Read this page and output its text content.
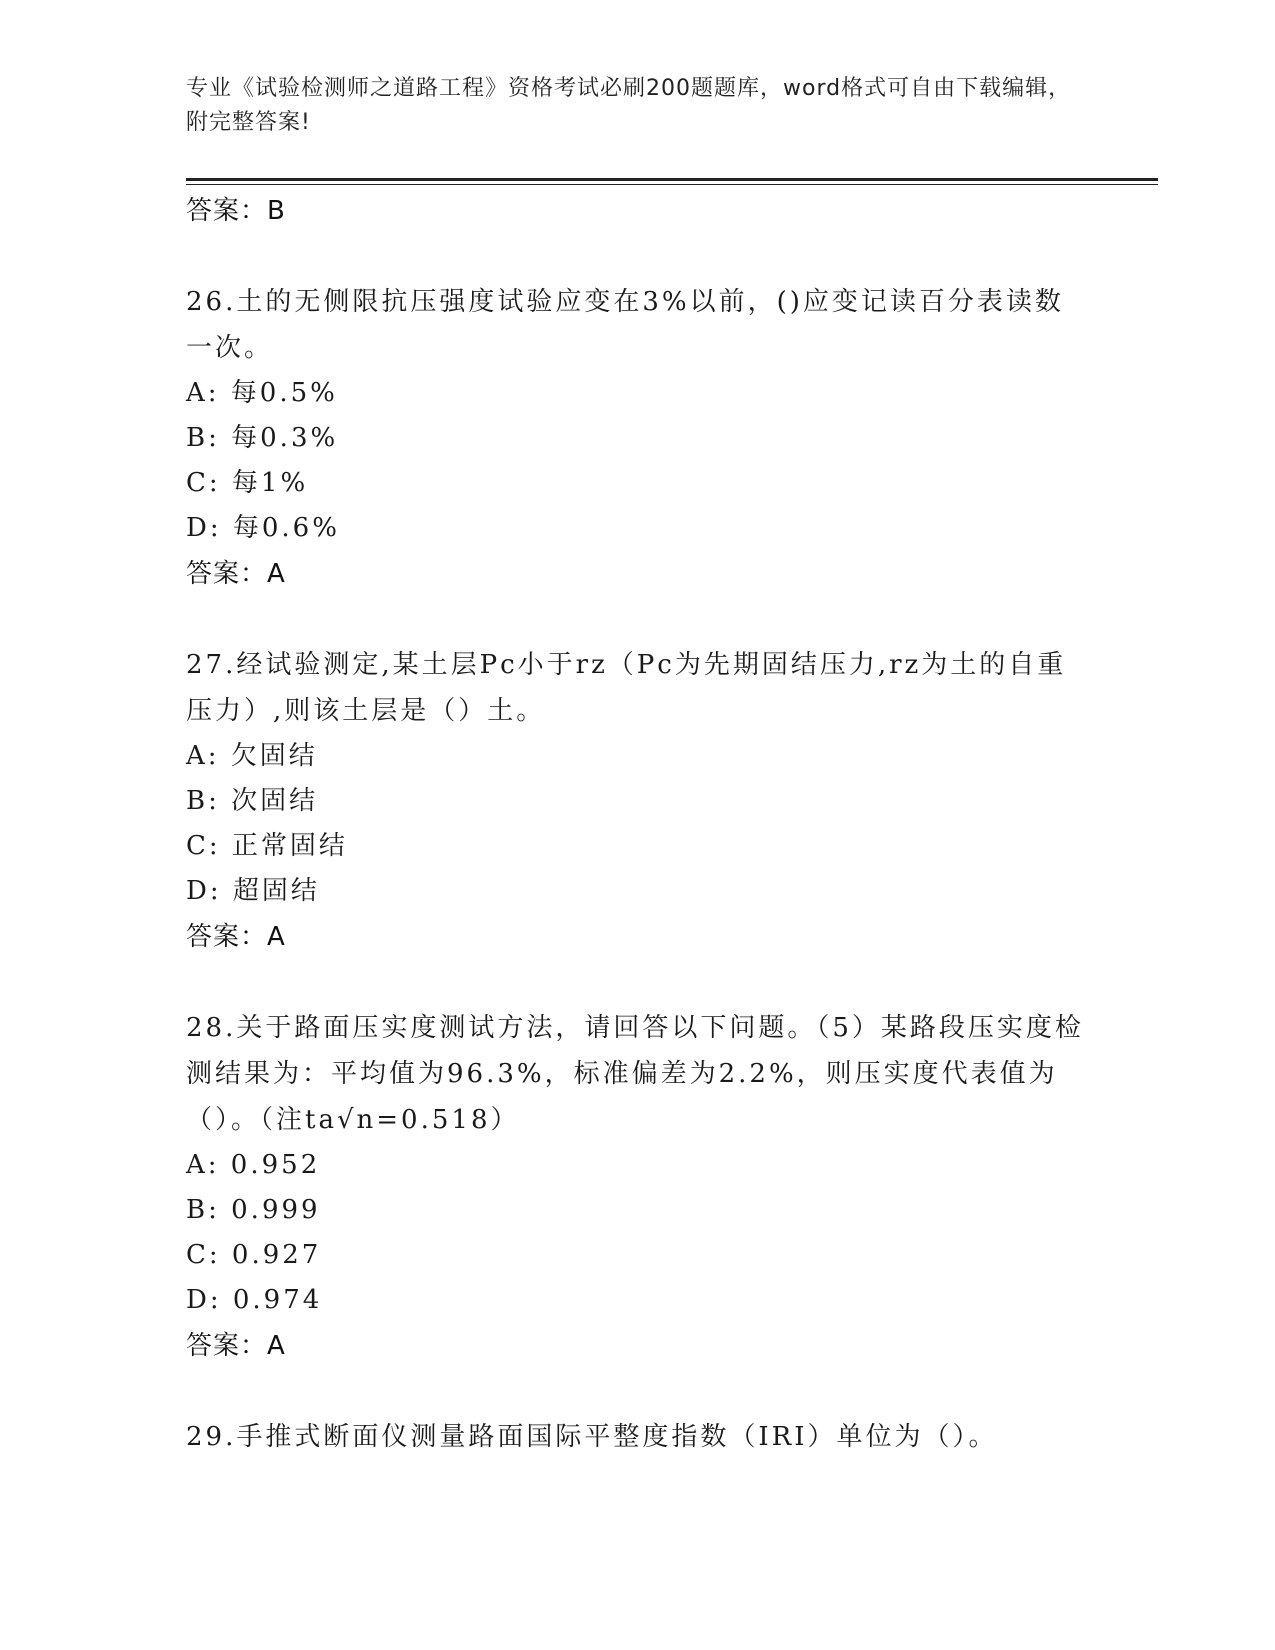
专业《试验检测师之道路工程》资格考试必刷200题题库，word格式可自由下载编辑，附完整答案!
答案：B
26.土的无侧限抗压强度试验应变在3%以前，()应变记读百分表读数一次。
A: 每0.5%
B: 每0.3%
C: 每1%
D: 每0.6%
答案：A
27.经试验测定,某土层Pc小于rz（Pc为先期固结压力,rz为土的自重压力）,则该土层是（）土。
A: 欠固结
B: 次固结
C: 正常固结
D: 超固结
答案：A
28.关于路面压实度测试方法，请回答以下问题。（5）某路段压实度检测结果为：平均值为96.3%，标准偏差为2.2%，则压实度代表值为（）。（注ta√n=0.518）
A: 0.952
B: 0.999
C: 0.927
D: 0.974
答案：A
29.手推式断面仪测量路面国际平整度指数（IRI）单位为（）。
